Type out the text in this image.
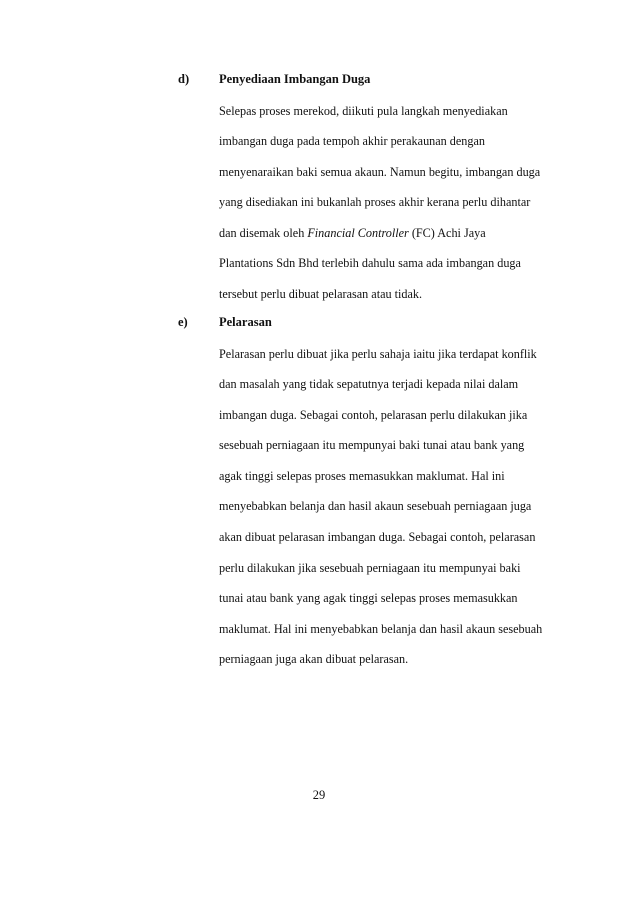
d) Penyediaan Imbangan Duga
Selepas proses merekod, diikuti pula langkah menyediakan
imbangan duga pada tempoh akhir perakaunan dengan
menyenaraikan baki semua akaun. Namun begitu, imbangan duga
yang disediakan ini bukanlah proses akhir kerana perlu dihantar
dan disemak oleh Financial Controller (FC) Achi Jaya
Plantations Sdn Bhd terlebih dahulu sama ada imbangan duga
tersebut perlu dibuat pelarasan atau tidak.
e)	Pelarasan
Pelarasan perlu dibuat jika perlu sahaja iaitu jika terdapat konflik
dan masalah yang tidak sepatutnya terjadi kepada nilai dalam
imbangan duga. Sebagai contoh, pelarasan perlu dilakukan jika
sesebuah perniagaan itu mempunyai baki tunai atau bank yang
agak tinggi selepas proses memasukkan maklumat. Hal ini
menyebabkan belanja dan hasil akaun sesebuah perniagaan juga
akan dibuat pelarasan imbangan duga. Sebagai contoh, pelarasan
perlu dilakukan jika sesebuah perniagaan itu mempunyai baki
tunai atau bank yang agak tinggi selepas proses memasukkan
maklumat. Hal ini menyebabkan belanja dan hasil akaun sesebuah
perniagaan juga akan dibuat pelarasan.
29
